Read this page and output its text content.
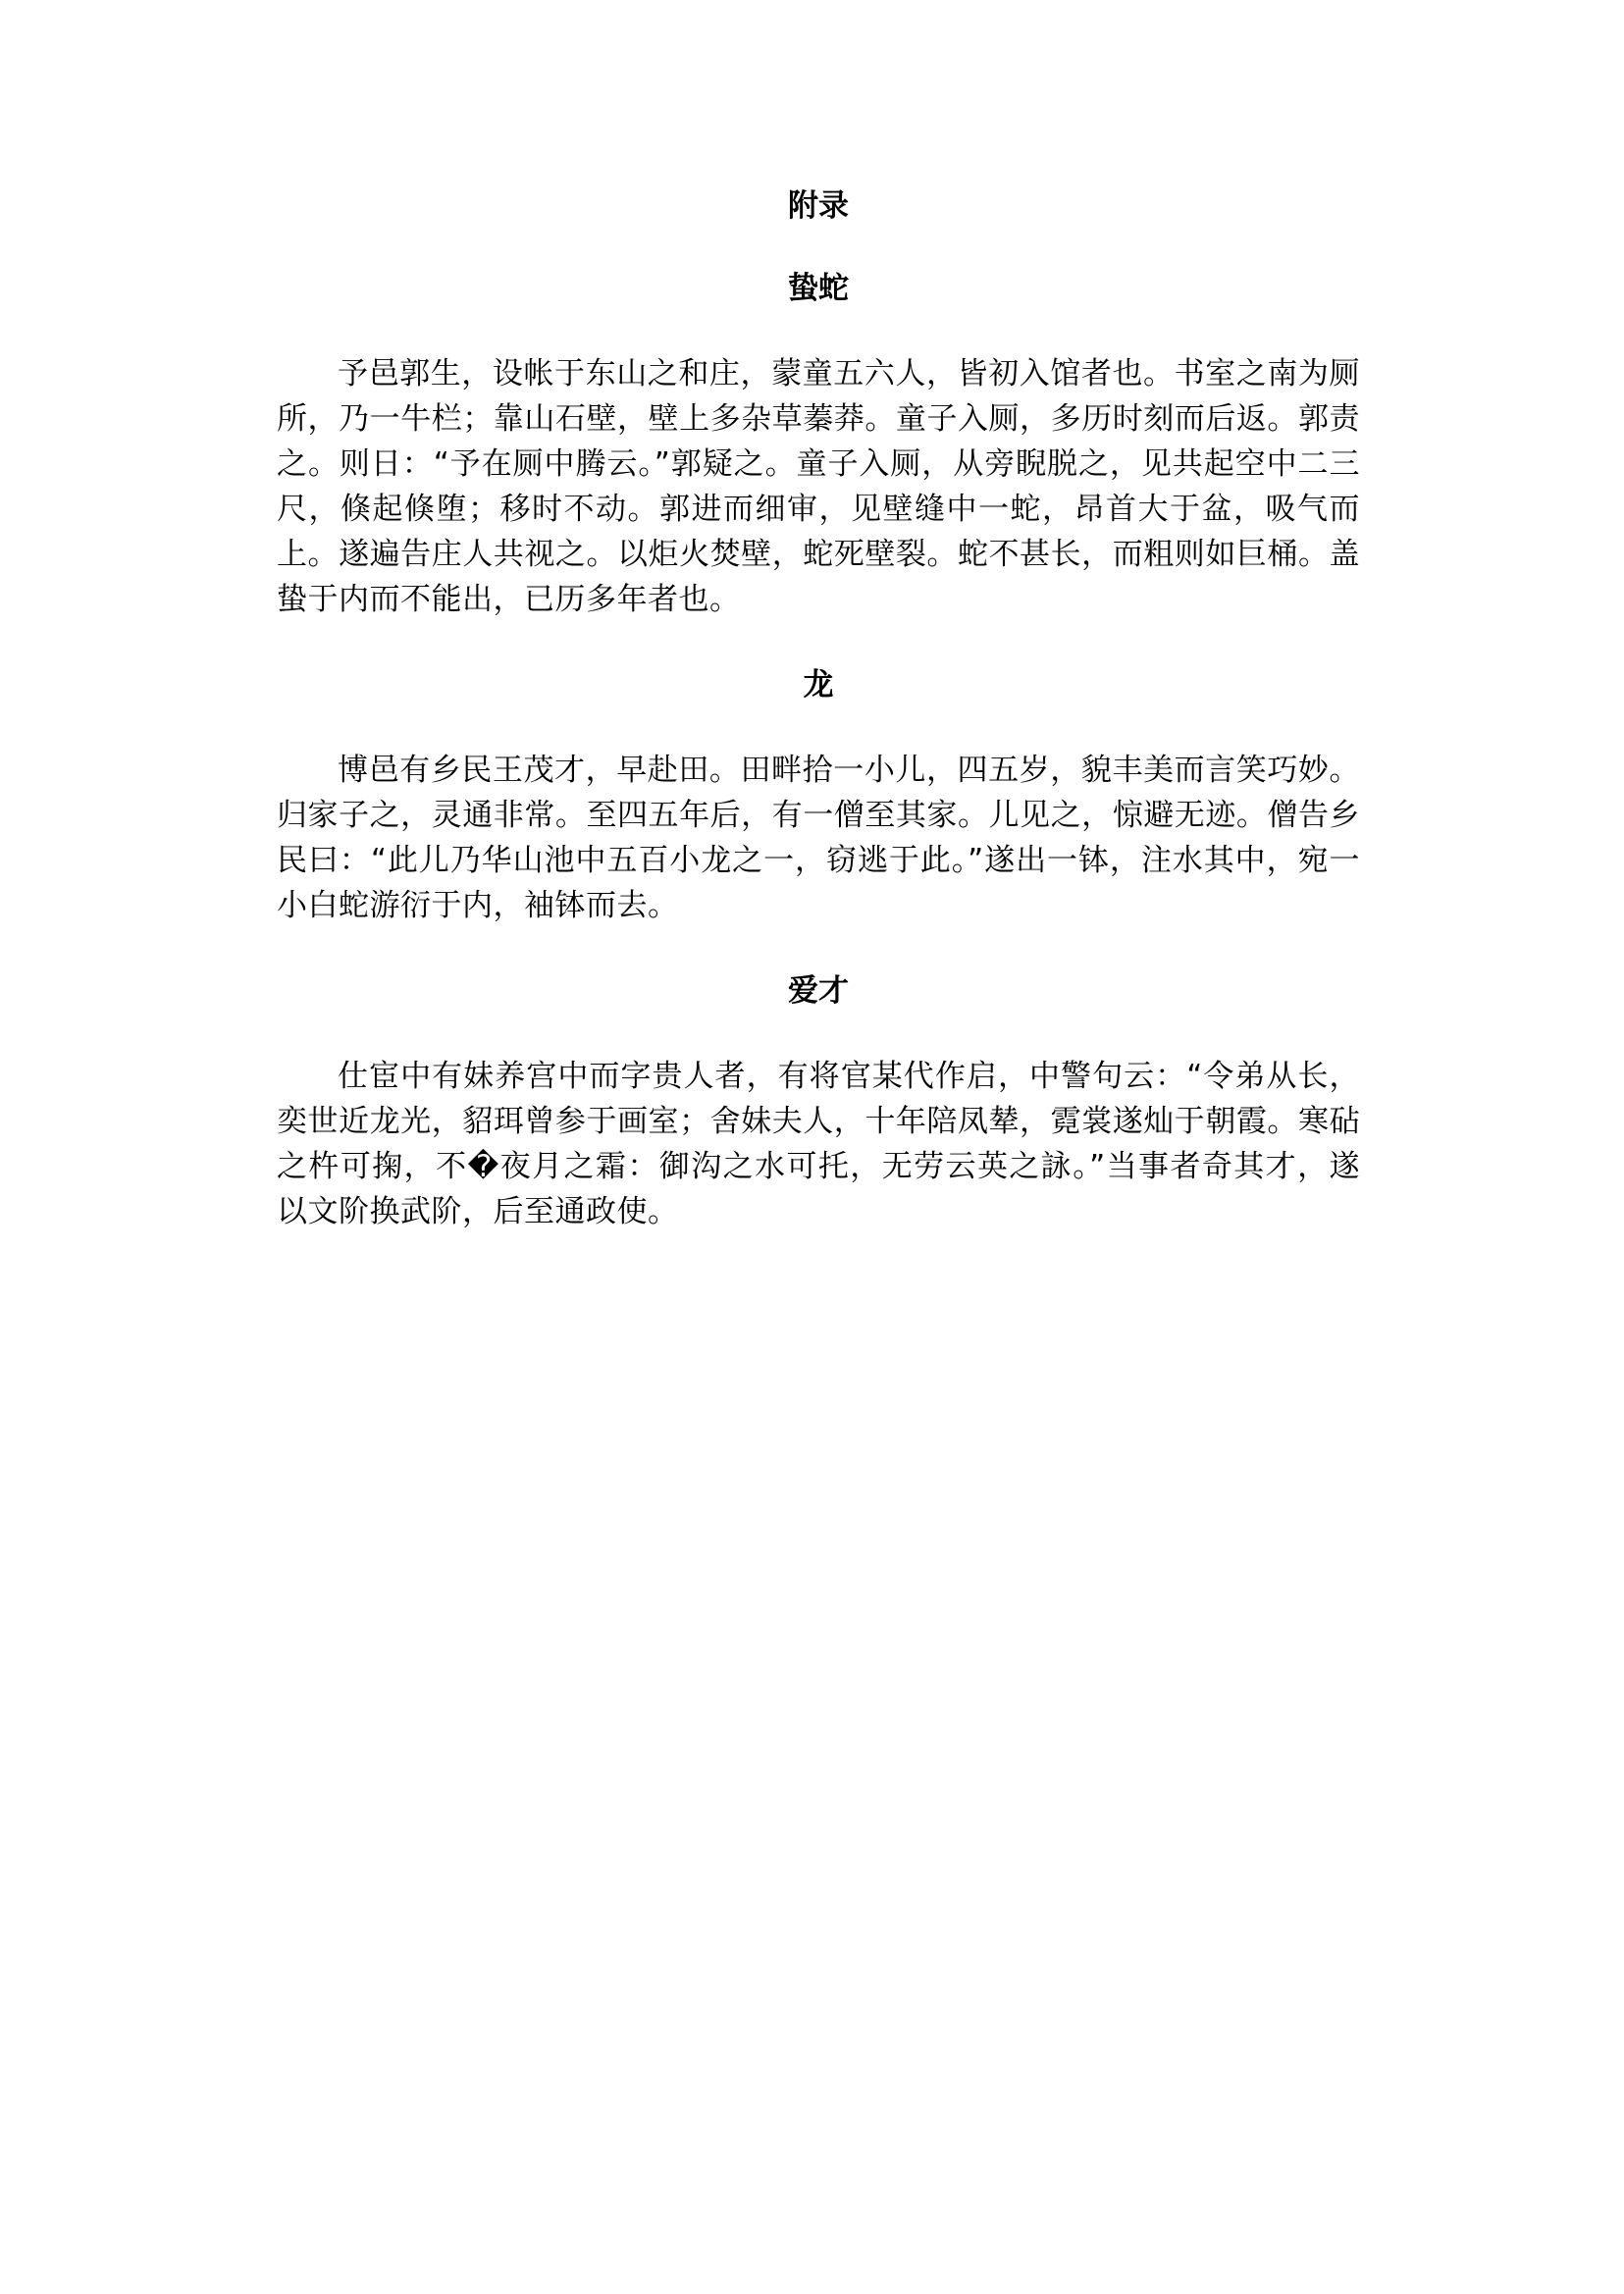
附录
蛰蛇

予邑郭生，设帐于东山之和庄，蒙童五六人，皆初入馆者也。书室之南为厕所，乃一牛栏；靠山石壁，壁上多杂草蓁莽。童子入厕，多历时刻而后返。郭责之。则日：“予在厕中腾云。”郭疑之。童子入厕，从旁睨脱之，见共起空中二三尺，倏起倏堕；移时不动。郭进而细审，见壁缝中一蛇，昂首大于盆，吸气而上。遂遍告庄人共视之。以炬火焚壁，蛇死壁裂。蛇不甚长，而粗则如巨桶。盖蛰于内而不能出，已历多年者也。

龙

博邑有乡民王茂才，早赴田。田畔拾一小儿，四五岁，貌丰美而言笑巧妙。归家子之，灵通非常。至四五年后，有一僧至其家。儿见之，惊避无迹。僧告乡民曰：“此儿乃华山池中五百小龙之一，窃逃于此。”遂出一钵，注水其中，宛一小白蛇游衍于内，袖钵而去。

爱才

仕宦中有妹养宫中而字贵人者，有将官某代作启，中警句云：“令弟从长，奕世近龙光，貂珥曾参于画室；舍妹夫人，十年陪凤辇，霓裳遂灿于朝霞。寒砧之杵可掬，不�夜月之霜：御沟之水可托，无劳云英之詠。”当事者奇其才，遂以文阶换武阶，后至通政使。
